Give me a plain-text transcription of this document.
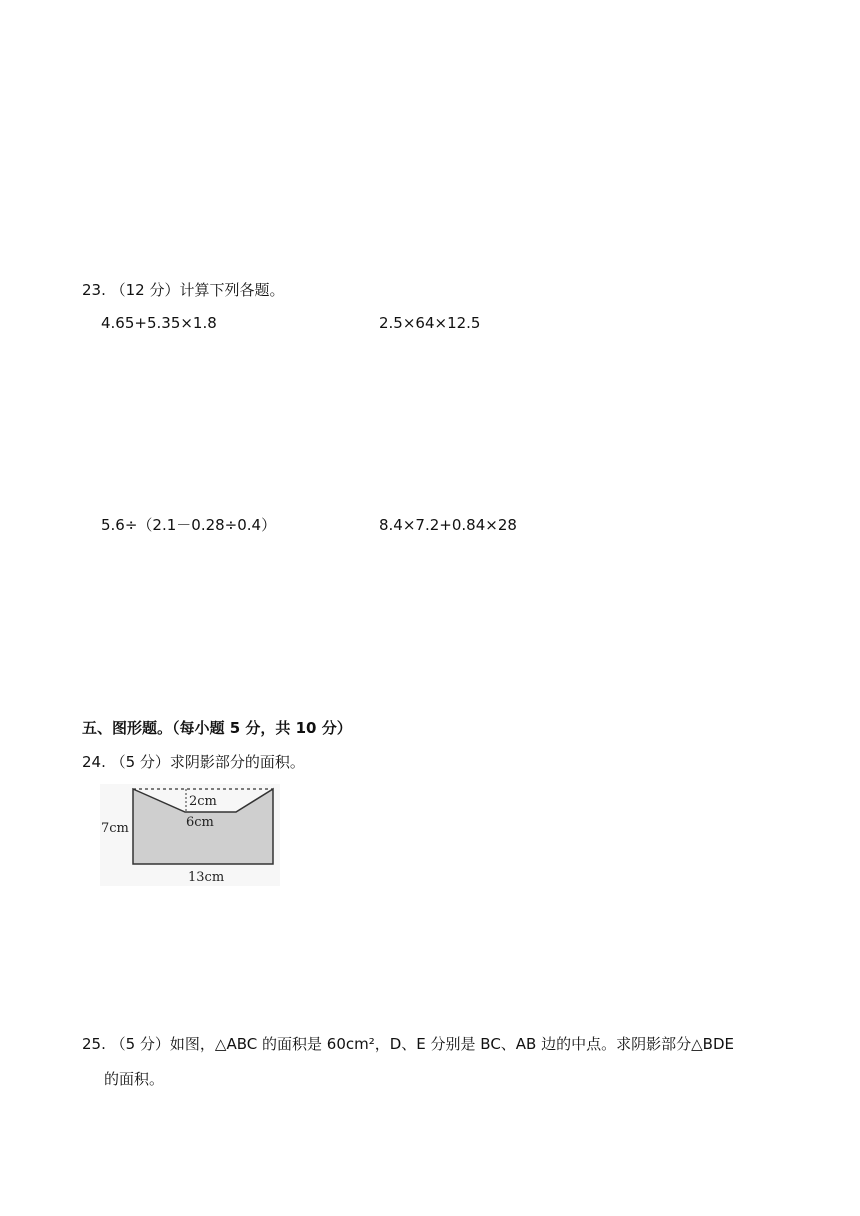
23. （12 分）计算下列各题。
4.65+5.35×1.8	2.5×64×12.5
5.6÷（2.1－0.28÷0.4）	8.4×7.2+0.84×28
五、图形题。（每小题 5 分，共 10 分）
24. （5 分）求阴影部分的面积。
2cm
6cm
7cm
13cm
25. （5 分）如图，△ABC 的面积是 60cm²，D、E 分别是 BC、AB 边的中点。求阴影部分△BDE
的面积。
